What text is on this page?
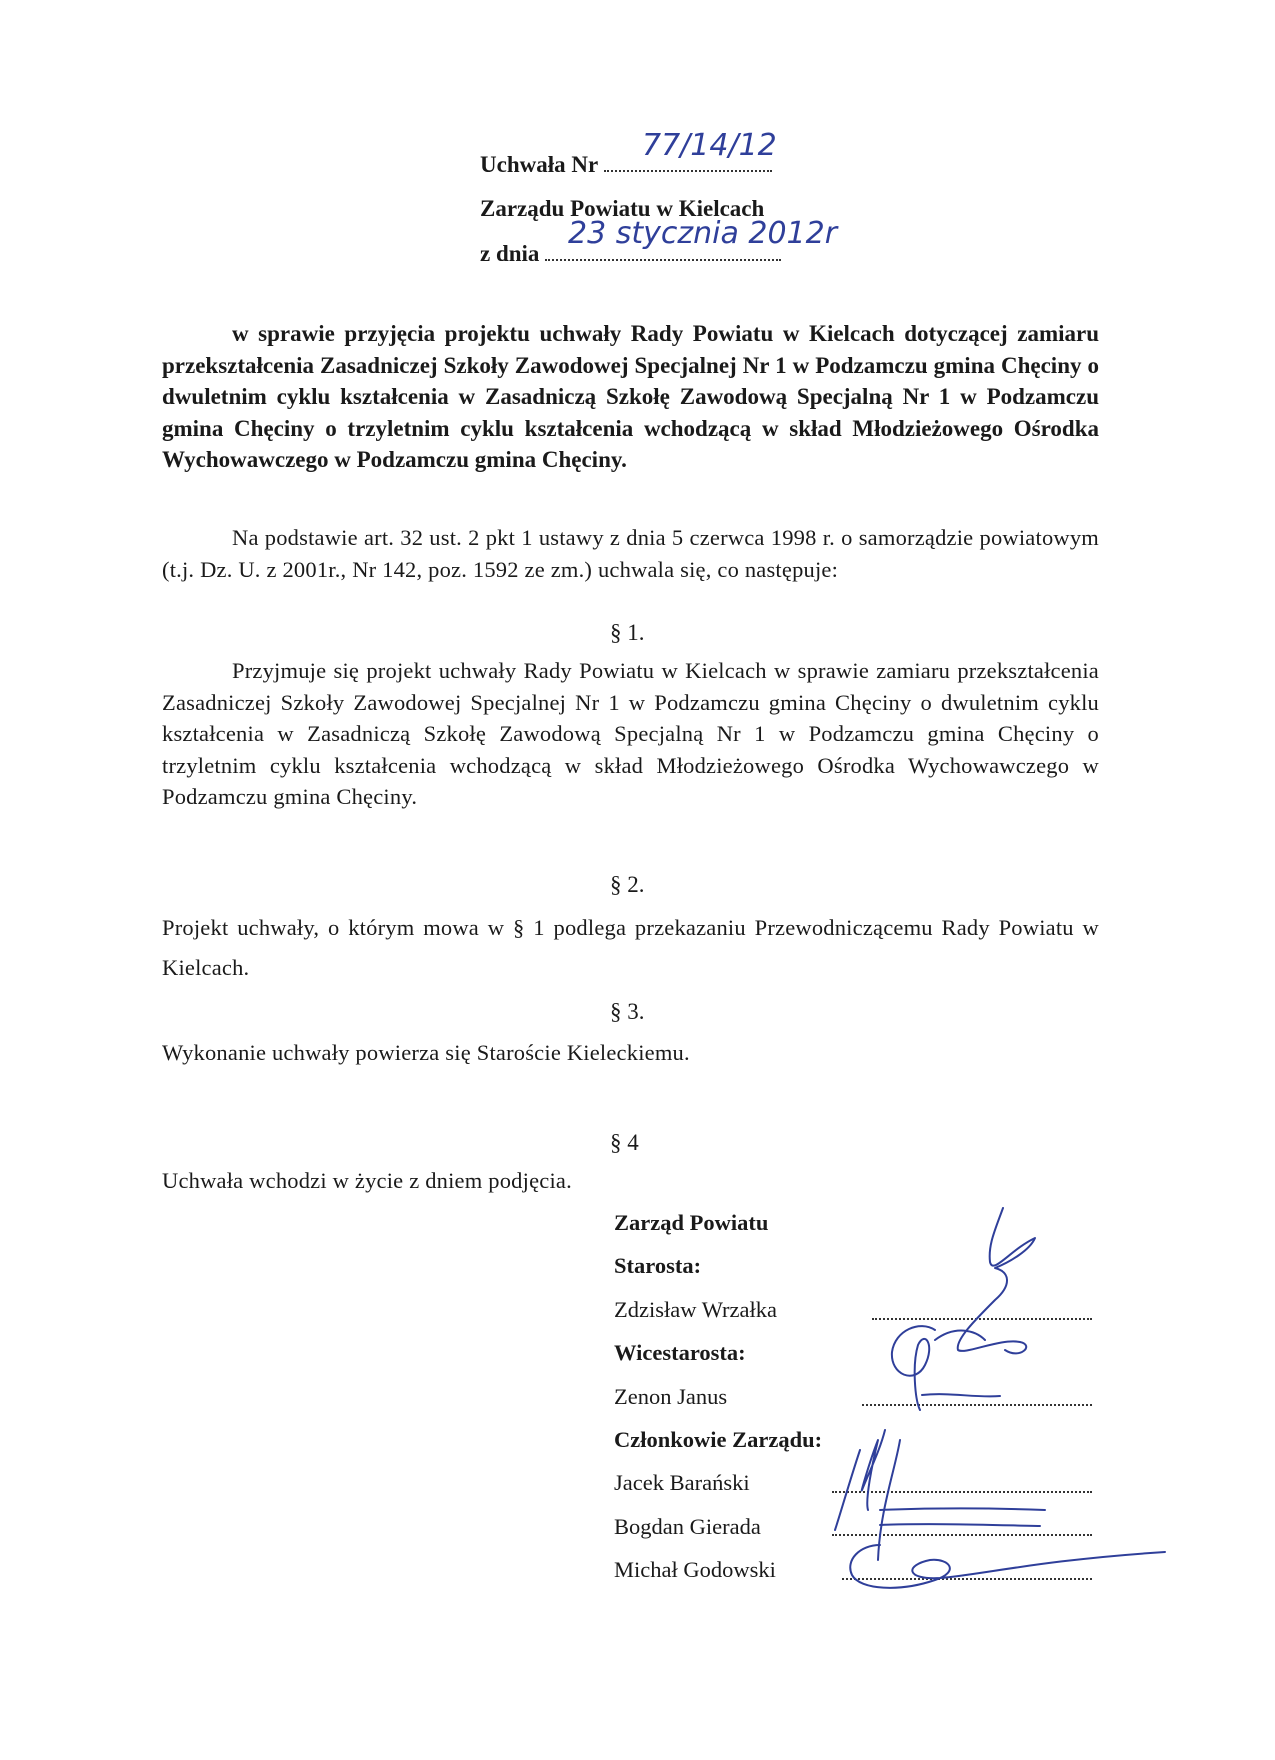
Uchwała Nr
77/14/12
Zarządu Powiatu w Kielcach
z dnia
23 stycznia 2012r

w sprawie przyjęcia projektu uchwały Rady Powiatu w Kielcach dotyczącej zamiaru przekształcenia Zasadniczej Szkoły Zawodowej Specjalnej Nr 1 w Podzamczu gmina Chęciny o dwuletnim cyklu kształcenia w Zasadniczą Szkołę Zawodową Specjalną Nr 1 w Podzamczu gmina Chęciny o trzyletnim cyklu kształcenia wchodzącą w skład Młodzieżowego Ośrodka Wychowawczego w Podzamczu gmina Chęciny.

Na podstawie art. 32 ust. 2 pkt 1 ustawy z dnia 5 czerwca 1998 r. o samorządzie powiatowym (t.j. Dz. U. z 2001r., Nr 142, poz. 1592 ze zm.) uchwala się, co następuje:

§ 1.

Przyjmuje się projekt uchwały Rady Powiatu w Kielcach w sprawie zamiaru przekształcenia Zasadniczej Szkoły Zawodowej Specjalnej Nr 1 w Podzamczu gmina Chęciny o dwuletnim cyklu kształcenia w Zasadniczą Szkołę Zawodową Specjalną Nr 1 w Podzamczu gmina Chęciny o trzyletnim cyklu kształcenia wchodzącą w skład Młodzieżowego Ośrodka Wychowawczego w Podzamczu gmina Chęciny.

§ 2.

Projekt uchwały, o którym mowa w § 1 podlega przekazaniu Przewodniczącemu Rady Powiatu w Kielcach.

§ 3.

Wykonanie uchwały powierza się Staroście Kieleckiemu.

§ 4

Uchwała wchodzi w życie z dniem podjęcia.

Zarząd Powiatu
Starosta:
Zdzisław Wrzałka
Wicestarosta:
Zenon Janus
Członkowie Zarządu:
Jacek Barański
Bogdan Gierada
Michał Godowski
